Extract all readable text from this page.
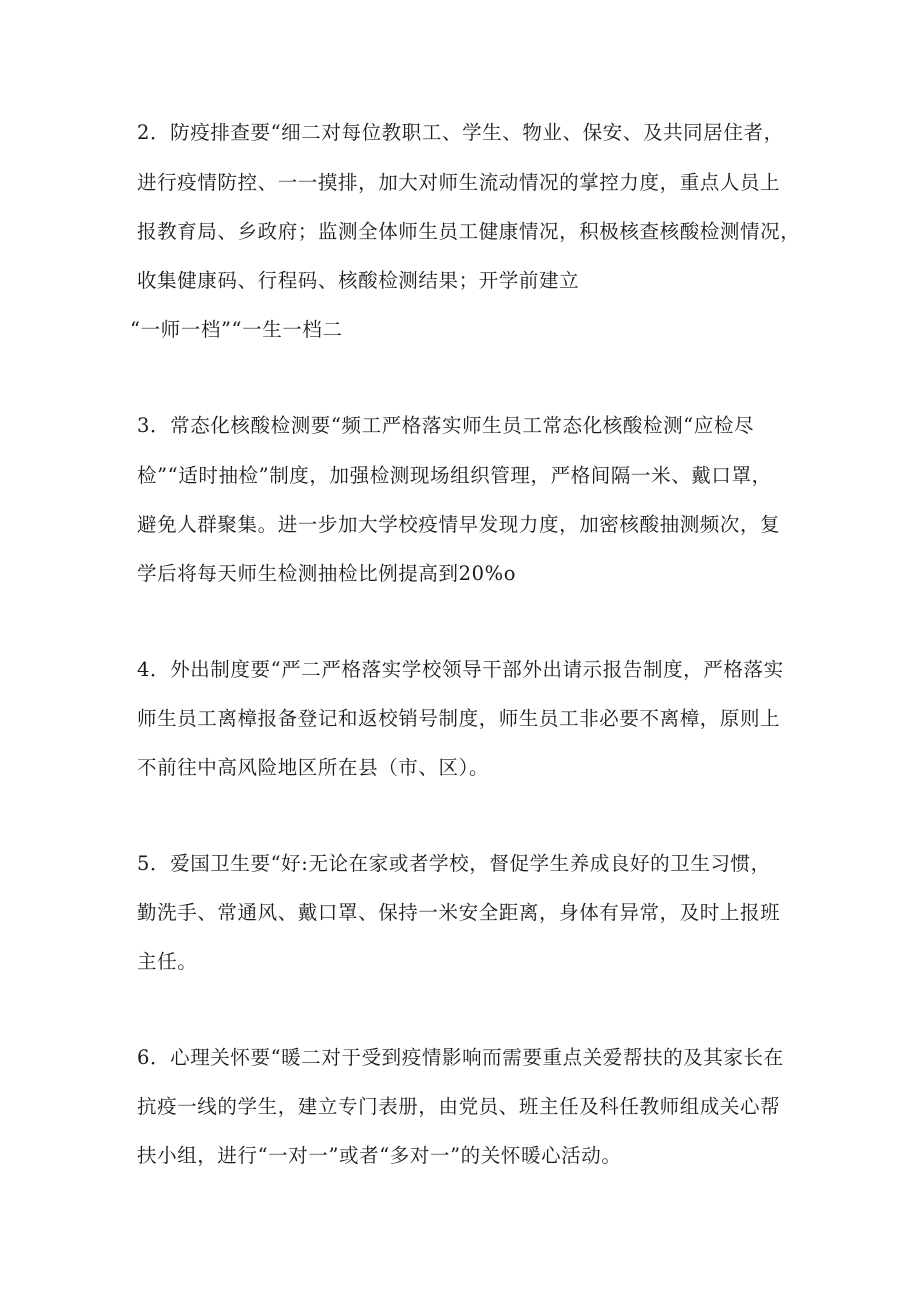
2．防疫排查要“细二对每位教职工、学生、物业、保安、及共同居住者，
进行疫情防控、一一摸排，加大对师生流动情况的掌控力度，重点人员上
报教育局、乡政府；监测全体师生员工健康情况，积极核查核酸检测情况，
收集健康码、行程码、核酸检测结果；开学前建立
“一师一档”“一生一档二
3．常态化核酸检测要“频工严格落实师生员工常态化核酸检测“应检尽
检”“适时抽检”制度，加强检测现场组织管理，严格间隔一米、戴口罩，
避免人群聚集。进一步加大学校疫情早发现力度，加密核酸抽测频次，复
学后将每天师生检测抽检比例提高到20%o
4．外出制度要“严二严格落实学校领导干部外出请示报告制度，严格落实
师生员工离樟报备登记和返校销号制度，师生员工非必要不离樟，原则上
不前往中高风险地区所在县（市、区）。
5．爱国卫生要“好:无论在家或者学校，督促学生养成良好的卫生习惯，
勤洗手、常通风、戴口罩、保持一米安全距离，身体有异常，及时上报班
主任。
6．心理关怀要“暖二对于受到疫情影响而需要重点关爱帮扶的及其家长在
抗疫一线的学生，建立专门表册，由党员、班主任及科任教师组成关心帮
扶小组，进行“一对一”或者“多对一”的关怀暖心活动。
